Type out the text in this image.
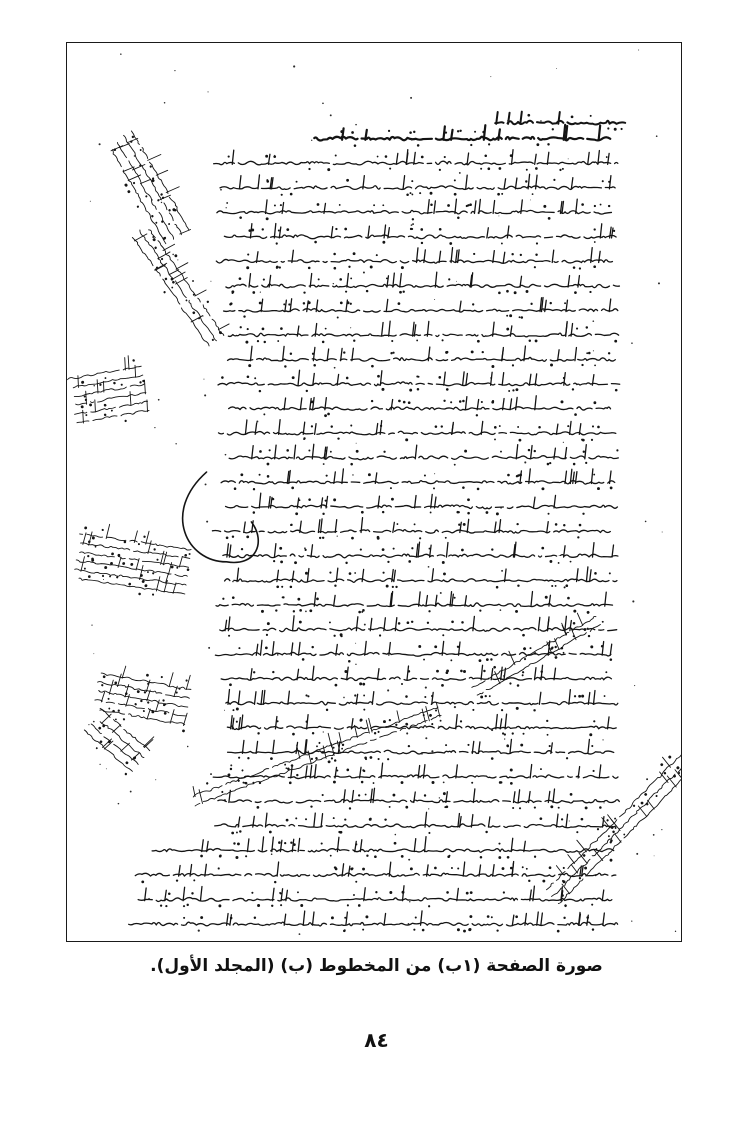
صورة الصفحة (١ب) من المخطوط (ب) (المجلد الأول).
٨٤
